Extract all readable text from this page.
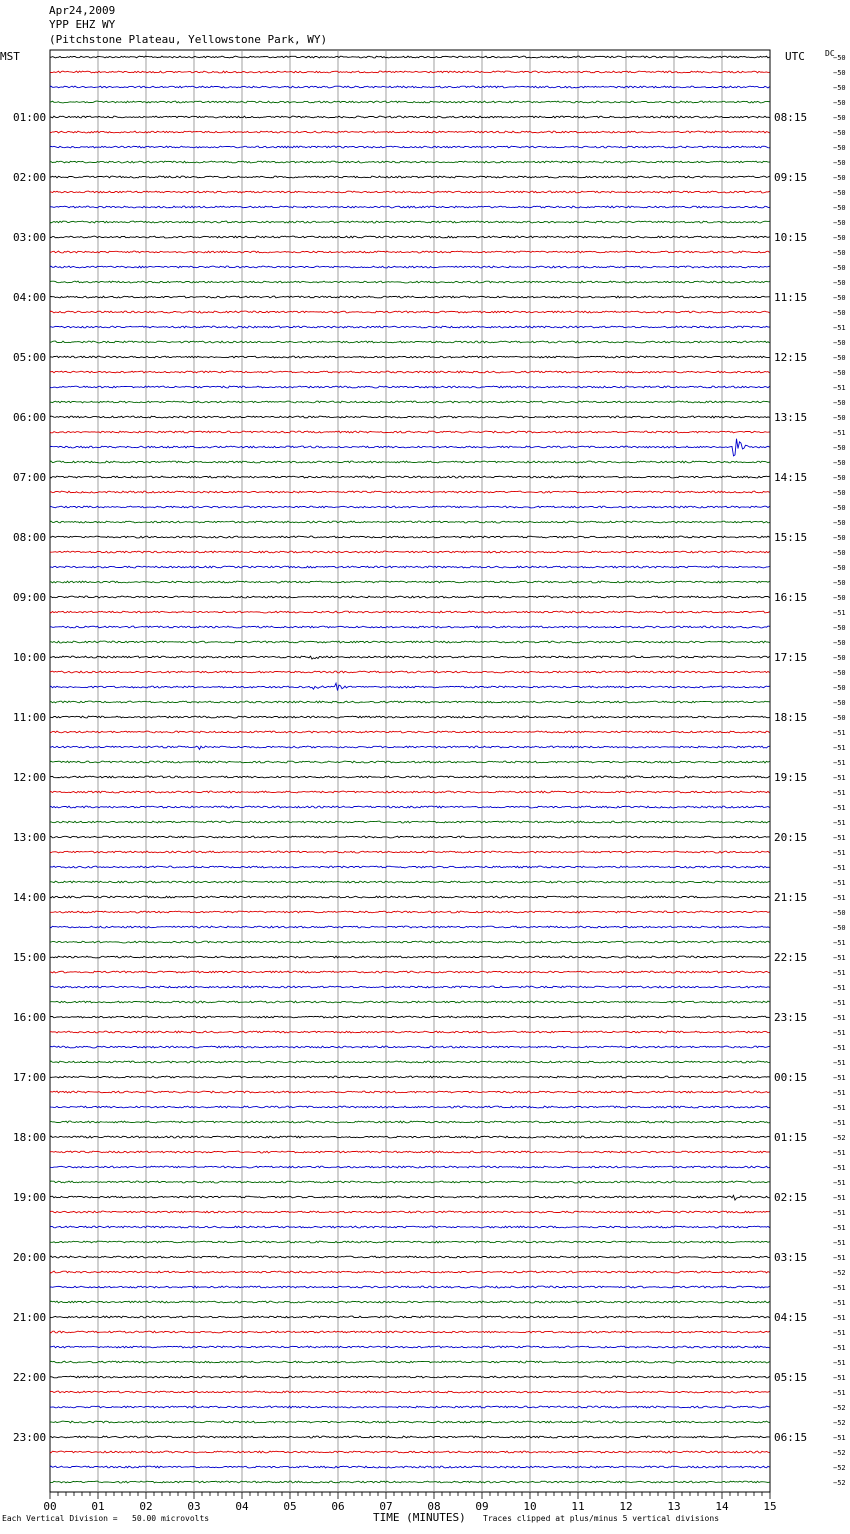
Apr24,2009
YPP EHZ WY
(Pitchstone Plateau, Yellowstone Park, WY)
MST	UTC	DC
−50
−50
−50
−50
−50
−50
−50
−50
−50
−50
−50
−50
−50
−50
−50
−50
−50
−50
−51
−50
−50
−50
−51
−50
−50
−51
−50
−50
−50
−50
−50
−50
−50
−50
−50
−50
−50
−51
−50
−50
−50
−50
−50
−50
−50
−51
−51
−51
−51
−51
−51
−51
−51
−51
−51
−51
−51
−50
−50
−51
−51
−51
−51
−51
−51
−51
−51
−51
−51
−51
−51
−51
−52
−51
−51
−51
−51
−51
−51
−51
−51
−52
−51
−51
−51
−51
−51
−51
−51
−51
−52
−52
−51
−52
−52
−52
01:00	08:15
02:00	09:15
03:00	10:15
04:00	11:15
05:00	12:15
06:00	13:15
07:00	14:15
08:00	15:15
09:00	16:15
10:00	17:15
11:00	18:15
12:00	19:15
13:00	20:15
14:00	21:15
15:00	22:15
16:00	23:15
17:00	00:15
18:00	01:15
19:00	02:15
20:00	03:15
21:00	04:15
22:00	05:15
23:00	06:15
00	01	02	03	04	05	06	07	08	09	10	11	12	13	14	15
Each Vertical Division =   50.00 microvolts	TIME (MINUTES) Traces clipped at plus/minus 5 vertical divisions
